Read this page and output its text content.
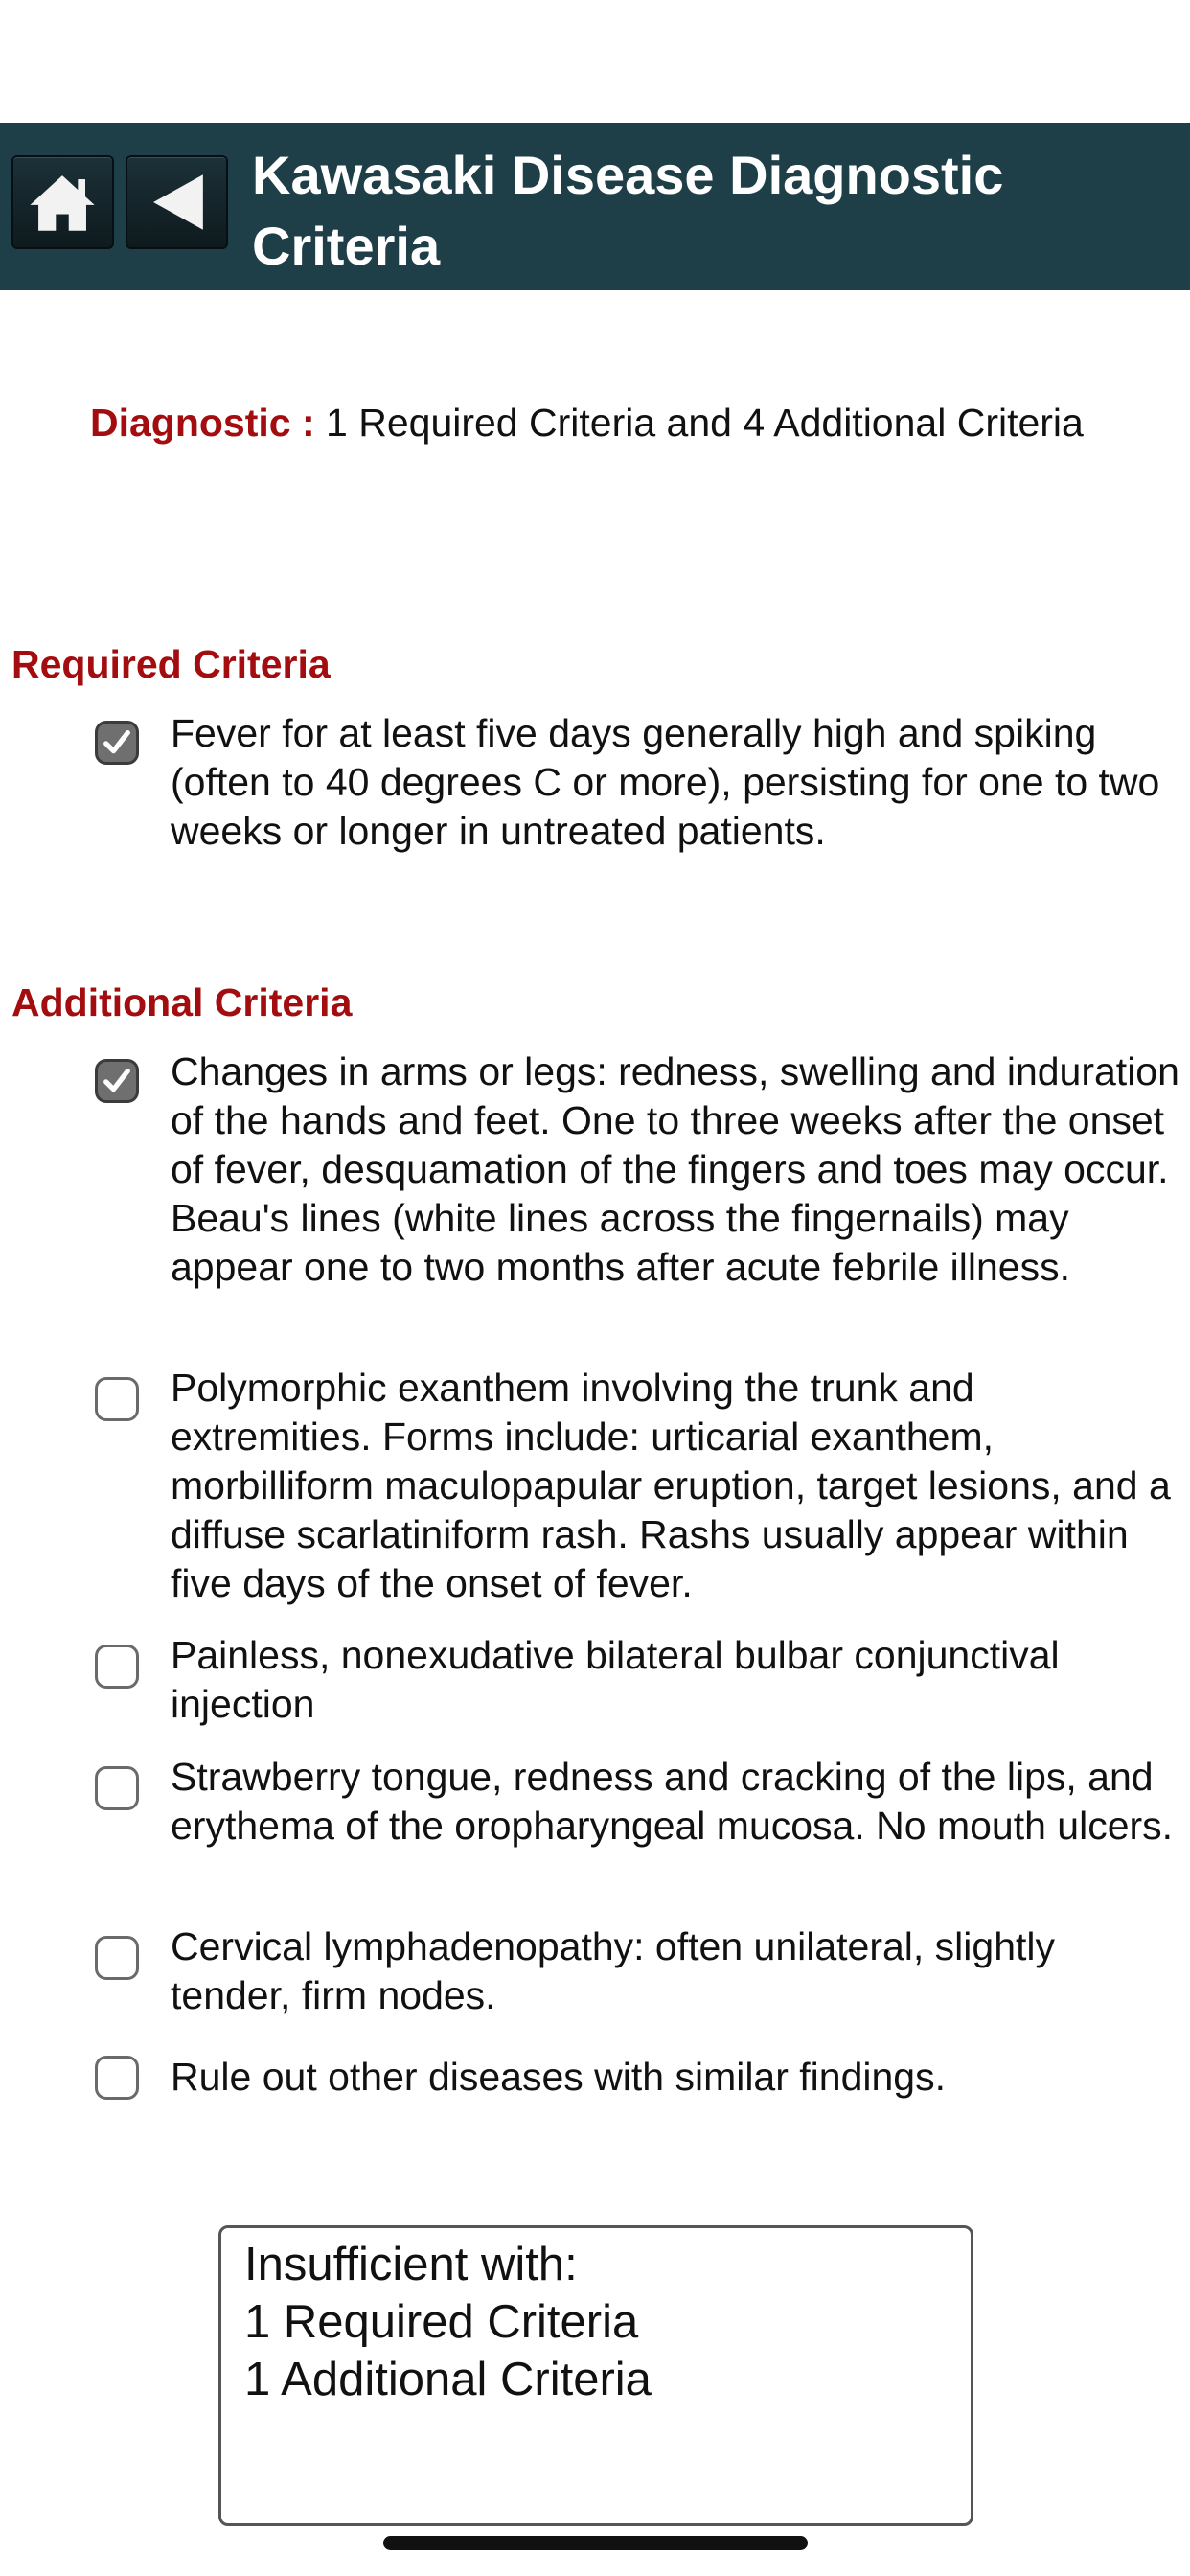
Kawasaki Disease Diagnostic Criteria
Diagnostic : 1 Required Criteria and 4 Additional Criteria
Required Criteria
Fever for at least five days generally high and spiking (often to 40 degrees C or more), persisting for one to two weeks or longer in untreated patients.
Additional Criteria
Changes in arms or legs: redness, swelling and induration of the hands and feet. One to three weeks after the onset of fever, desquamation of the fingers and toes may occur. Beau's lines (white lines across the fingernails) may appear one to two months after acute febrile illness.
Polymorphic exanthem involving the trunk and extremities. Forms include: urticarial exanthem, morbilliform maculopapular eruption, target lesions, and a diffuse scarlatiniform rash. Rashs usually appear within five days of the onset of fever.
Painless, nonexudative bilateral bulbar conjunctival injection
Strawberry tongue, redness and cracking of the lips, and erythema of the oropharyngeal mucosa. No mouth ulcers.
Cervical lymphadenopathy: often unilateral, slightly tender, firm nodes.
Rule out other diseases with similar findings.
Insufficient with:
1 Required Criteria
1 Additional Criteria
